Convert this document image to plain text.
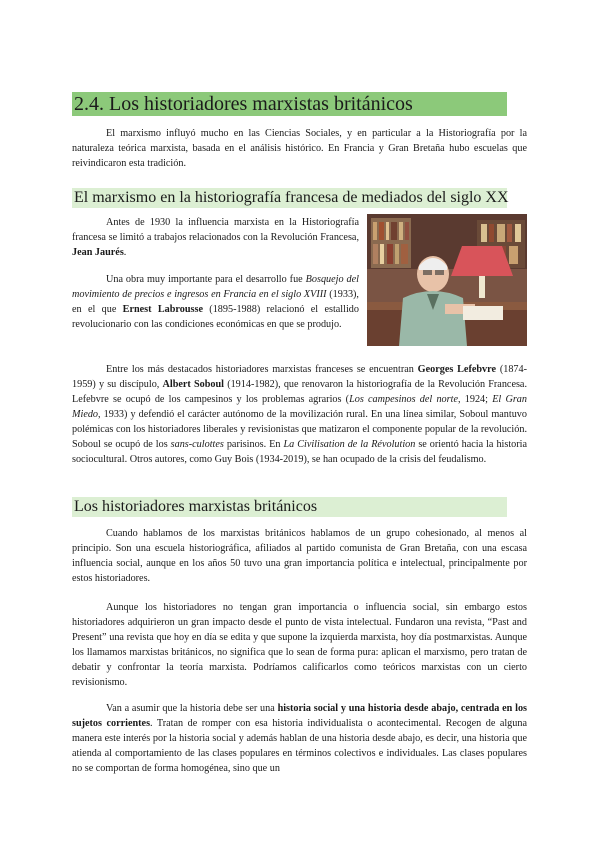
2.4. Los historiadores marxistas británicos

El marxismo influyó mucho en las Ciencias Sociales, y en particular a la Historiografía por la naturaleza teórica marxista, basada en el análisis histórico. En Francia y Gran Bretaña hubo escuelas que reivindicaron esta tradición.

El marxismo en la historiografía francesa de mediados del siglo XX

Antes de 1930 la influencia marxista en la Historiografía francesa se limitó a trabajos relacionados con la Revolución Francesa, Jean Jaurés.

Una obra muy importante para el desarrollo fue Bosquejo del movimiento de precios e ingresos en Francia en el siglo XVIII (1933), en el que Ernest Labrousse (1895-1988) relacionó el estallido revolucionario con las condiciones económicas en que se produjo.

Entre los más destacados historiadores marxistas franceses se encuentran Georges Lefebvre (1874-1959) y su discípulo, Albert Soboul (1914-1982), que renovaron la historiografía de la Revolución Francesa. Lefebvre se ocupó de los campesinos y los problemas agrarios (Los campesinos del norte, 1924; El Gran Miedo, 1933) y defendió el carácter autónomo de la movilización rural. En una línea similar, Soboul mantuvo polémicas con los historiadores liberales y revisionistas que matizaron el componente popular de la revolución. Soboul se ocupó de los sans-culottes parisinos. En La Civilisation de la Révolution se orientó hacia la historia sociocultural. Otros autores, como Guy Bois (1934-2019), se han ocupado de la crisis del feudalismo.

Los historiadores marxistas británicos

Cuando hablamos de los marxistas británicos hablamos de un grupo cohesionado, al menos al principio. Son una escuela historiográfica, afiliados al partido comunista de Gran Bretaña, con una escasa influencia social, aunque en los años 50 tuvo una gran importancia política e intelectual, principalmente por estos historiadores.

Aunque los historiadores no tengan gran importancia o influencia social, sin embargo estos historiadores adquirieron un gran impacto desde el punto de vista intelectual. Fundaron una revista, “Past and Present” una revista que hoy en día se edita y que supone la izquierda marxista, hoy día postmarxistas. Aunque los llamamos marxistas británicos, no significa que lo sean de forma pura: aplican el marxismo, pero tratan de debatir y confrontar la teoría marxista. Podríamos calificarlos como teóricos marxistas con un cierto revisionismo.

Van a asumir que la historia debe ser una historia social y una historia desde abajo, centrada en los sujetos corrientes. Tratan de romper con esa historia individualista o acontecimental. Recogen de alguna manera este interés por la historia social y además hablan de una historia desde abajo, es decir, una historia que atienda al comportamiento de las clases populares en términos colectivos e individuales. Las clases populares no se comportan de forma homogénea, sino que un
